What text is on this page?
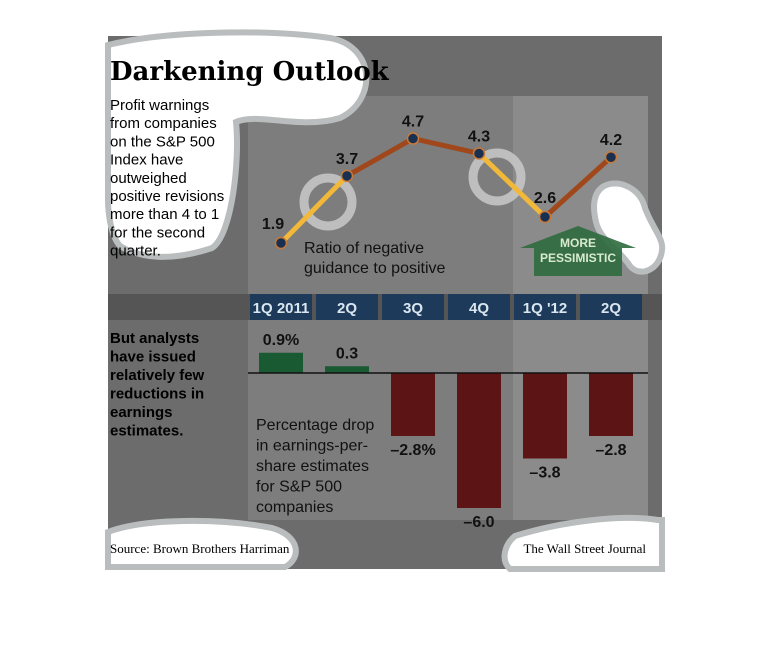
Darkening Outlook
Profit warnings from companies on the S&P 500 Index have outweighed positive revisions more than 4 to 1 for the second quarter.
But analysts have issued relatively few reductions in earnings estimates.
Ratio of negative guidance to positive
Percentage drop in earnings-per- share estimates for S&P 500 companies
1Q 2011 2Q	3Q	4Q 1Q '12 2Q
MORE
PESSIMISTIC
1.9
3.7
4.7
4.3
2.6
4.2
0.9%
0.3
–2.8%
–6.0
–3.8
–2.8
Source: Brown Brothers Harriman	The Wall Street Journal
